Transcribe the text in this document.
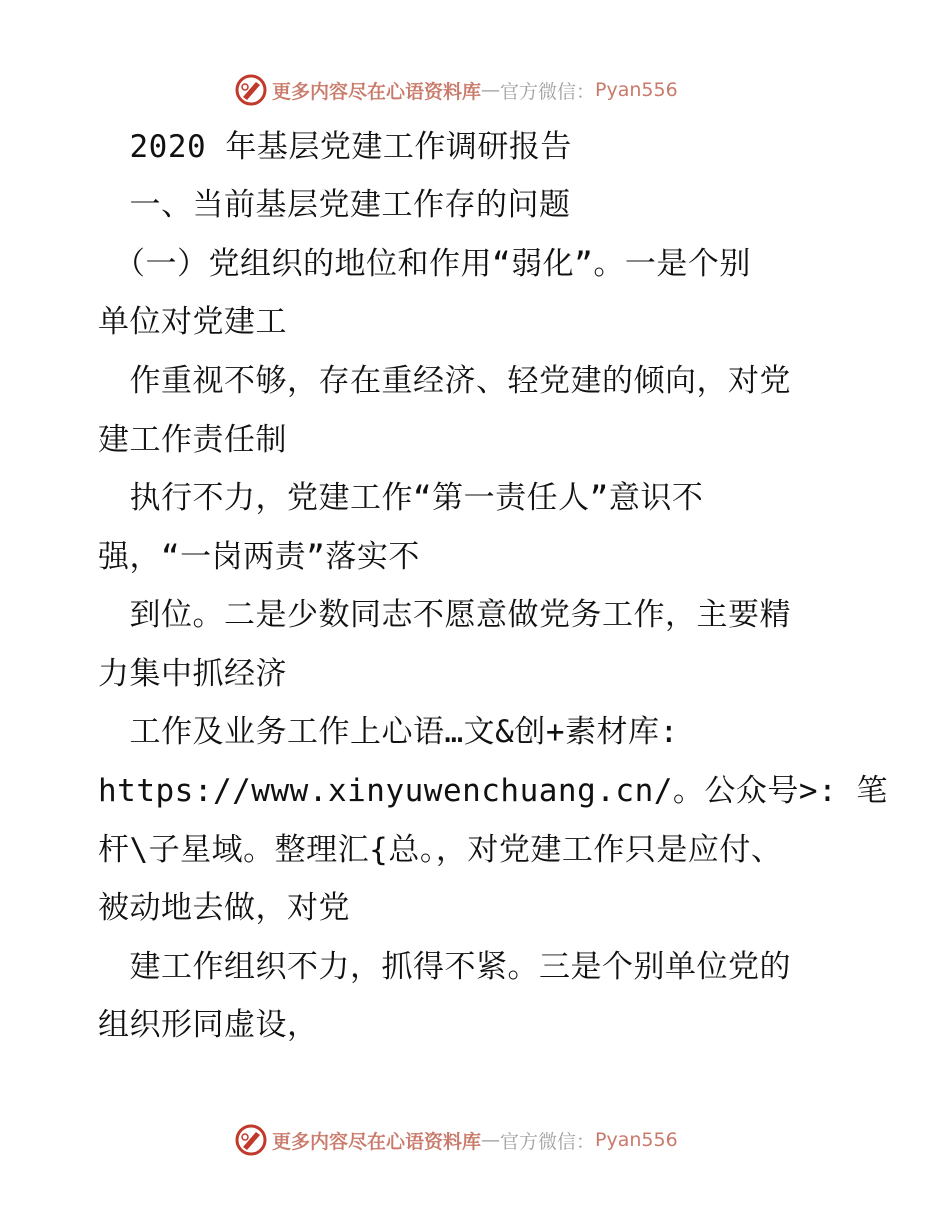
更多内容尽在心语资料库 — 官方微信： Pyan556
　2020 年基层党建工作调研报告
　一、当前基层党建工作存的问题
　（一）党组织的地位和作用“弱化”。一是个别
单位对党建工
　作重视不够，存在重经济、轻党建的倾向，对党
建工作责任制
　执行不力，党建工作“第一责任人”意识不
强，“一岗两责”落实不
　到位。二是少数同志不愿意做党务工作，主要精
力集中抓经济
　工作及业务工作上心语…文&创+素材库:
https://www.xinyuwenchuang.cn/。公众号>: 笔
杆\子星域。整理汇{总。，对党建工作只是应付、
被动地去做，对党
　建工作组织不力，抓得不紧。三是个别单位党的
组织形同虚设，
更多内容尽在心语资料库 — 官方微信： Pyan556
